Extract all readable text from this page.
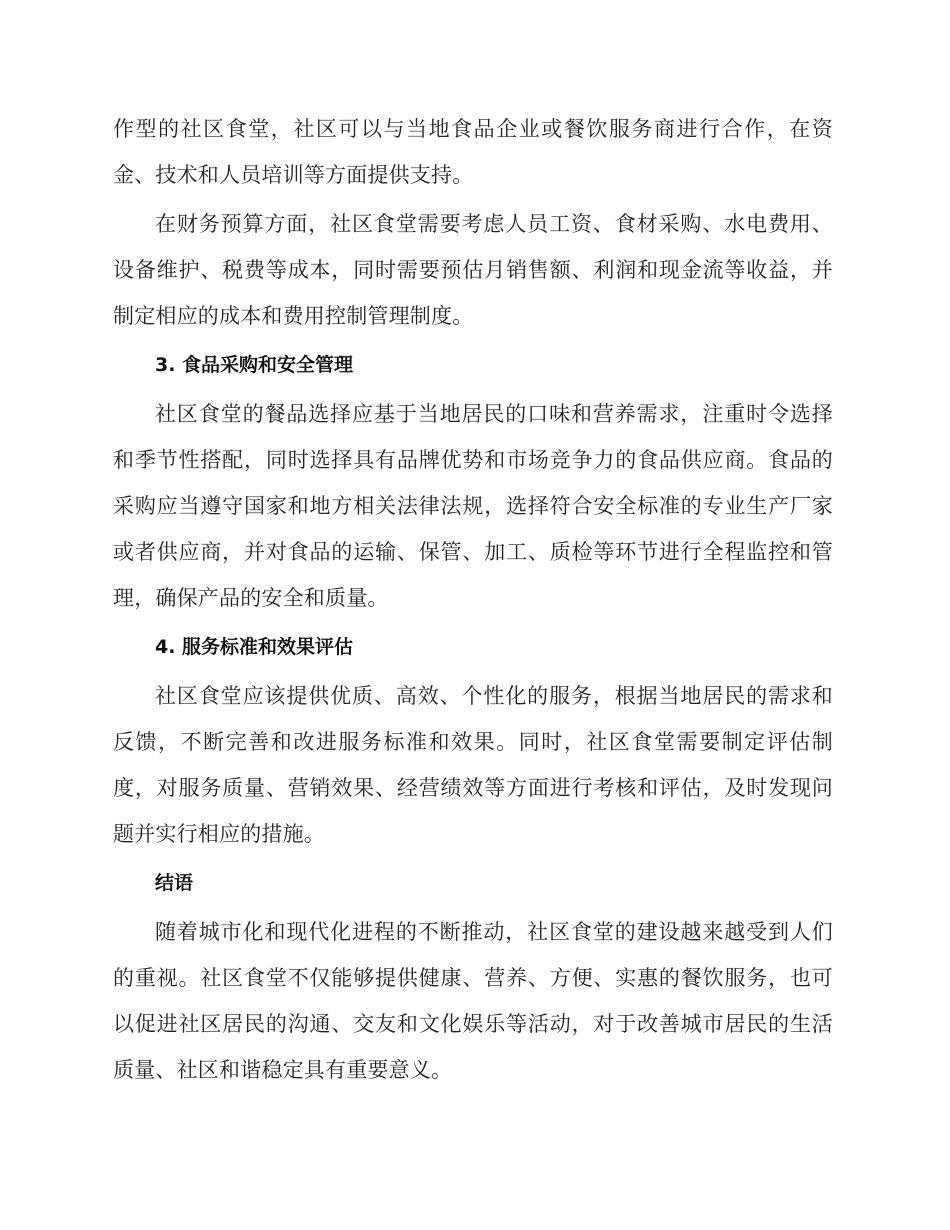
作型的社区食堂，社区可以与当地食品企业或餐饮服务商进行合作，在资金、技术和人员培训等方面提供支持。

在财务预算方面，社区食堂需要考虑人员工资、食材采购、水电费用、设备维护、税费等成本，同时需要预估月销售额、利润和现金流等收益，并制定相应的成本和费用控制管理制度。

3. 食品采购和安全管理

社区食堂的餐品选择应基于当地居民的口味和营养需求，注重时令选择和季节性搭配，同时选择具有品牌优势和市场竞争力的食品供应商。食品的采购应当遵守国家和地方相关法律法规，选择符合安全标准的专业生产厂家或者供应商，并对食品的运输、保管、加工、质检等环节进行全程监控和管理，确保产品的安全和质量。

4. 服务标准和效果评估

社区食堂应该提供优质、高效、个性化的服务，根据当地居民的需求和反馈，不断完善和改进服务标准和效果。同时，社区食堂需要制定评估制度，对服务质量、营销效果、经营绩效等方面进行考核和评估，及时发现问题并实行相应的措施。

结语

随着城市化和现代化进程的不断推动，社区食堂的建设越来越受到人们的重视。社区食堂不仅能够提供健康、营养、方便、实惠的餐饮服务，也可以促进社区居民的沟通、交友和文化娱乐等活动，对于改善城市居民的生活质量、社区和谐稳定具有重要意义。
